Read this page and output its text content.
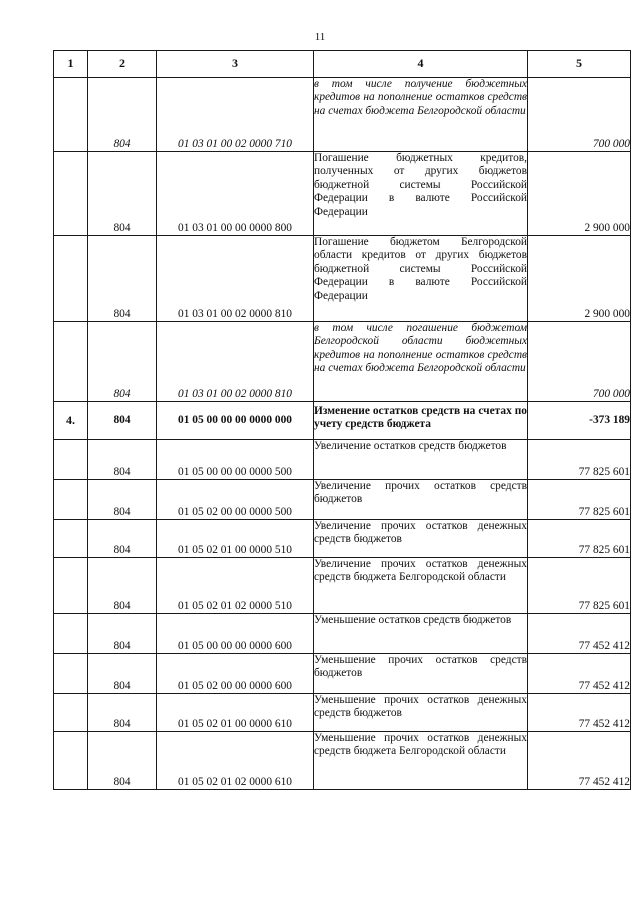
11
1	2	3	4	5
	804	01 03 01 00 02 0000 710	в том числе получение бюджетных кредитов на пополнение остатков средств на счетах бюджета Белгородской области	700 000
	804	01 03 01 00 00 0000 800	Погашение бюджетных кредитов, полученных от других бюджетов бюджетной системы Российской Федерации в валюте Российской Федерации	2 900 000
	804	01 03 01 00 02 0000 810	Погашение бюджетом Белгородской области кредитов от других бюджетов бюджетной системы Российской Федерации в валюте Российской Федерации	2 900 000
	804	01 03 01 00 02 0000 810	в том числе погашение бюджетом Белгородской области бюджетных кредитов на пополнение остатков средств на счетах бюджета Белгородской области	700 000
4.	804	01 05 00 00 00 0000 000	Изменение остатков средств на счетах по учету средств бюджета	-373 189
	804	01 05 00 00 00 0000 500	Увеличение остатков средств бюджетов	77 825 601
	804	01 05 02 00 00 0000 500	Увеличение прочих остатков средств бюджетов	77 825 601
	804	01 05 02 01 00 0000 510	Увеличение прочих остатков денежных средств бюджетов	77 825 601
	804	01 05 02 01 02 0000 510	Увеличение прочих остатков денежных средств бюджета Белгородской области	77 825 601
	804	01 05 00 00 00 0000 600	Уменьшение остатков средств бюджетов	77 452 412
	804	01 05 02 00 00 0000 600	Уменьшение прочих остатков средств бюджетов	77 452 412
	804	01 05 02 01 00 0000 610	Уменьшение прочих остатков денежных средств бюджетов	77 452 412
	804	01 05 02 01 02 0000 610	Уменьшение прочих остатков денежных средств бюджета Белгородской области	77 452 412
